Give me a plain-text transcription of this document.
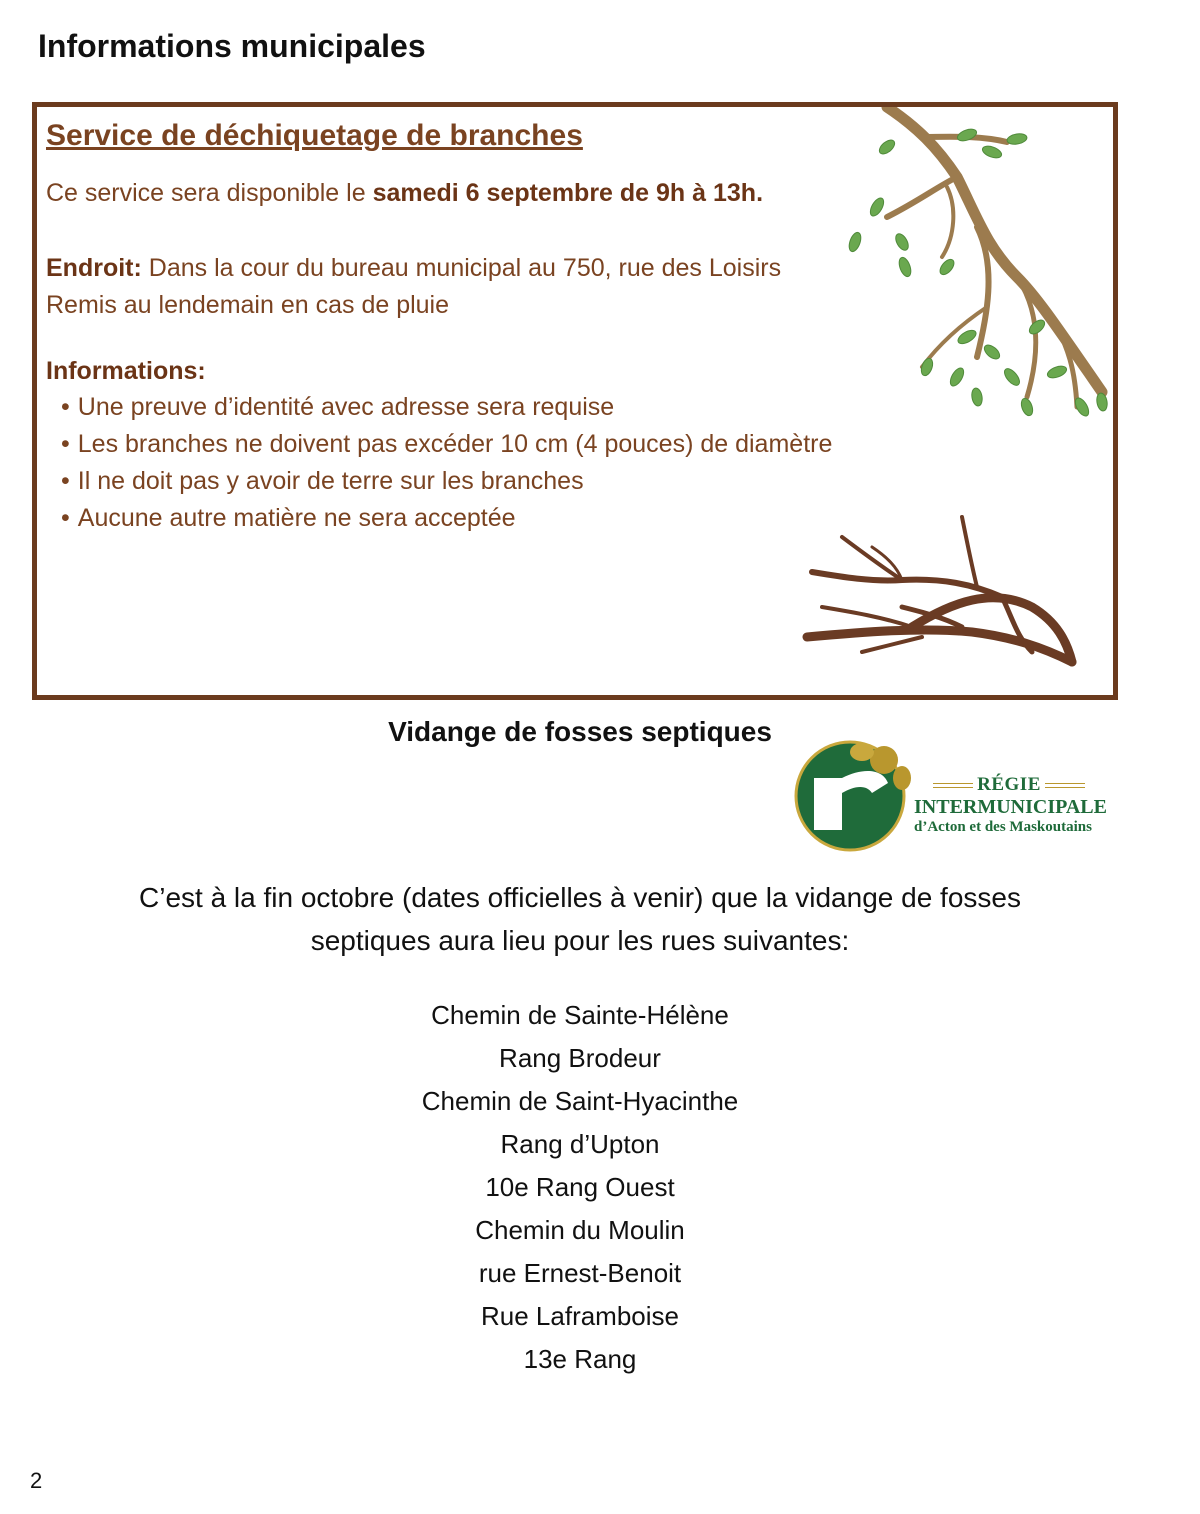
Informations municipales
Service de déchiquetage de branches

Ce service sera disponible le samedi 6 septembre de 9h à 13h.

Endroit: Dans la cour du bureau municipal au 750, rue des Loisirs

Remis au lendemain en cas de pluie

Informations:

• Une preuve d’identité avec adresse sera requise
• Les branches ne doivent pas excéder 10 cm (4 pouces) de diamètre
• Il ne doit pas y avoir de terre sur les branches
• Aucune autre matière ne sera acceptée
Vidange de fosses septiques
RÉGIE
INTERMUNICIPALE
d’Acton et des Maskoutains

C’est à la fin octobre (dates officielles à venir) que la vidange de fosses
septiques aura lieu pour les rues suivantes:

Chemin de Sainte-Hélène
Rang Brodeur
Chemin de Saint-Hyacinthe
Rang d’Upton
10e Rang Ouest
Chemin du Moulin
rue Ernest-Benoit
Rue Laframboise
13e Rang
2
